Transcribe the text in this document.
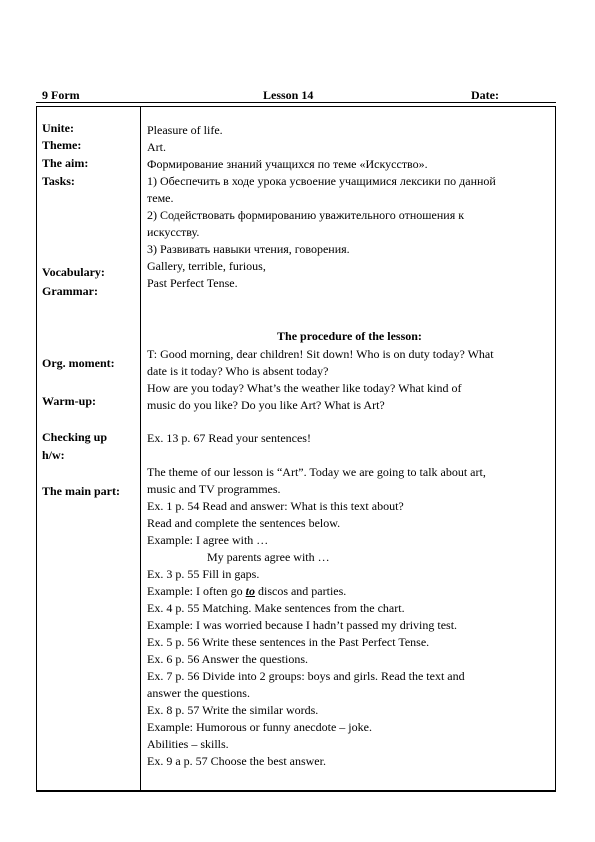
9 Form	Lesson 14	Date:
Unite:
Theme:
The aim:
Tasks:
Vocabulary:
Grammar:
Org. moment:
Warm-up:
Checking up
h/w:
The main part:
Pleasure of life.
Art.
Формирование знаний учащихся по теме «Искусство».
1) Обеспечить в ходе урока усвоение учащимися лексики по данной
теме.
2) Содействовать формированию уважительного отношения к
искусству.
3) Развивать навыки чтения, говорения.
Gallery, terrible, furious,
Past Perfect Tense.
The procedure of the lesson:
T: Good morning, dear children! Sit down! Who is on duty today? What
date is it today? Who is absent today?
How are you today? What’s the weather like today? What kind of
music do you like? Do you like Art? What is Art?
Ex. 13 p. 67 Read your sentences!
The theme of our lesson is “Art”. Today we are going to talk about art,
music and TV programmes.
Ex. 1 p. 54 Read and answer: What is this text about?
Read and complete the sentences below.
Example: I agree with …
My parents agree with …
Ex. 3 p. 55 Fill in gaps.
Example: I often go to discos and parties.
Ex. 4 p. 55 Matching. Make sentences from the chart.
Example: I was worried because I hadn’t passed my driving test.
Ex. 5 p. 56 Write these sentences in the Past Perfect Tense.
Ex. 6 p. 56 Answer the questions.
Ex. 7 p. 56 Divide into 2 groups: boys and girls. Read the text and
answer the questions.
Ex. 8 p. 57 Write the similar words.
Example: Humorous or funny anecdote – joke.
Abilities – skills.
Ex. 9 a p. 57 Choose the best answer.
